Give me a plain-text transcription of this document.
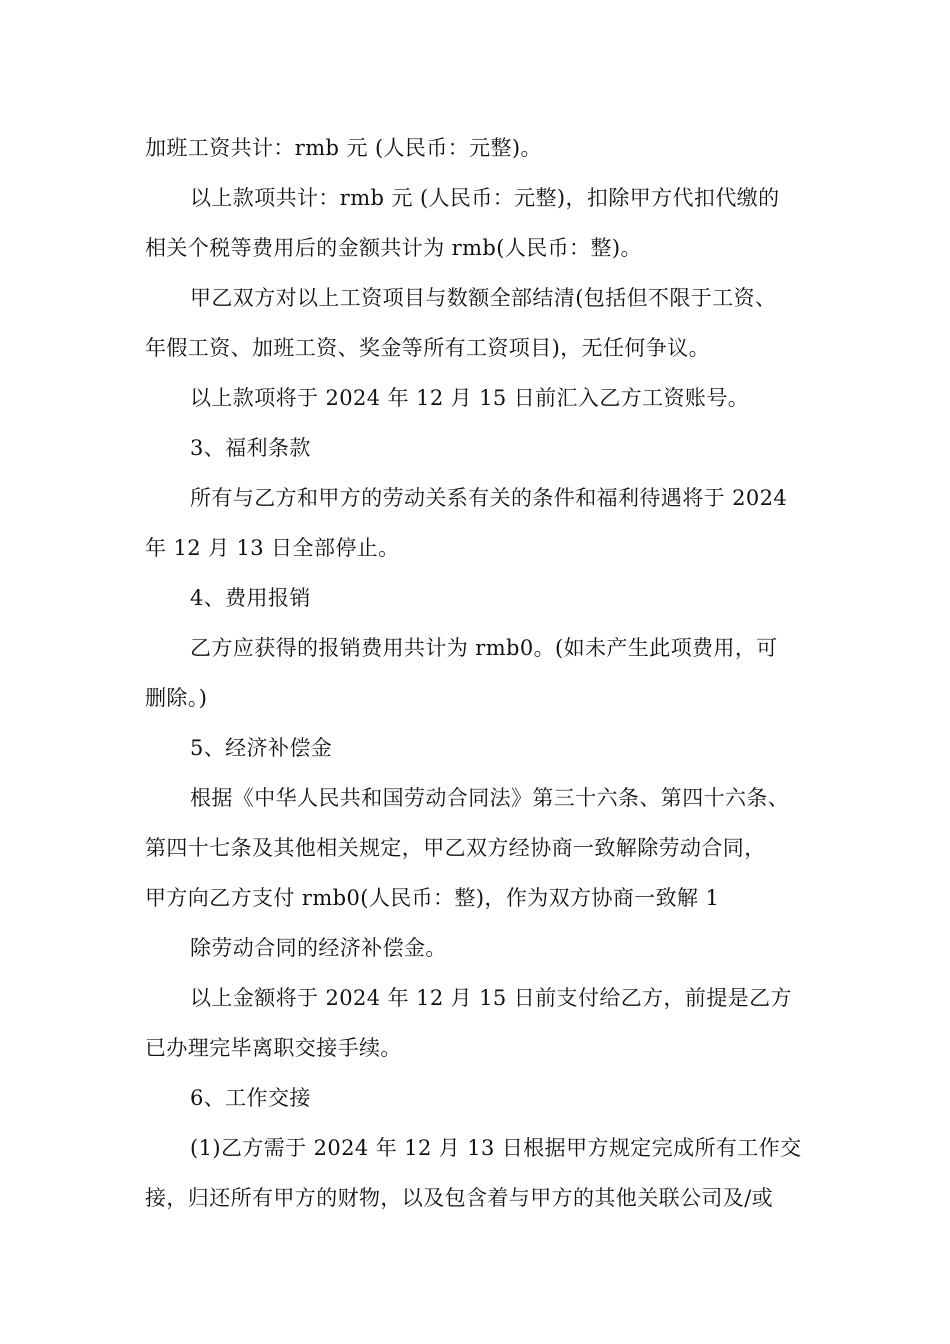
加班工资共计：rmb 元 (人民币：元整)。
以上款项共计：rmb 元 (人民币：元整)，扣除甲方代扣代缴的
相关个税等费用后的金额共计为 rmb(人民币：整)。
甲乙双方对以上工资项目与数额全部结清(包括但不限于工资、
年假工资、加班工资、奖金等所有工资项目)，无任何争议。
以上款项将于 2024 年 12 月 15 日前汇入乙方工资账号。
3、福利条款
所有与乙方和甲方的劳动关系有关的条件和福利待遇将于 2024
年 12 月 13 日全部停止。
4、费用报销
乙方应获得的报销费用共计为 rmb0。(如未产生此项费用，可
删除。)
5、经济补偿金
根据《中华人民共和国劳动合同法》第三十六条、第四十六条、
第四十七条及其他相关规定，甲乙双方经协商一致解除劳动合同，
甲方向乙方支付 rmb0(人民币：整)，作为双方协商一致解 1
除劳动合同的经济补偿金。
以上金额将于 2024 年 12 月 15 日前支付给乙方，前提是乙方
已办理完毕离职交接手续。
6、工作交接
(1)乙方需于 2024 年 12 月 13 日根据甲方规定完成所有工作交
接，归还所有甲方的财物，以及包含着与甲方的其他关联公司及/或
